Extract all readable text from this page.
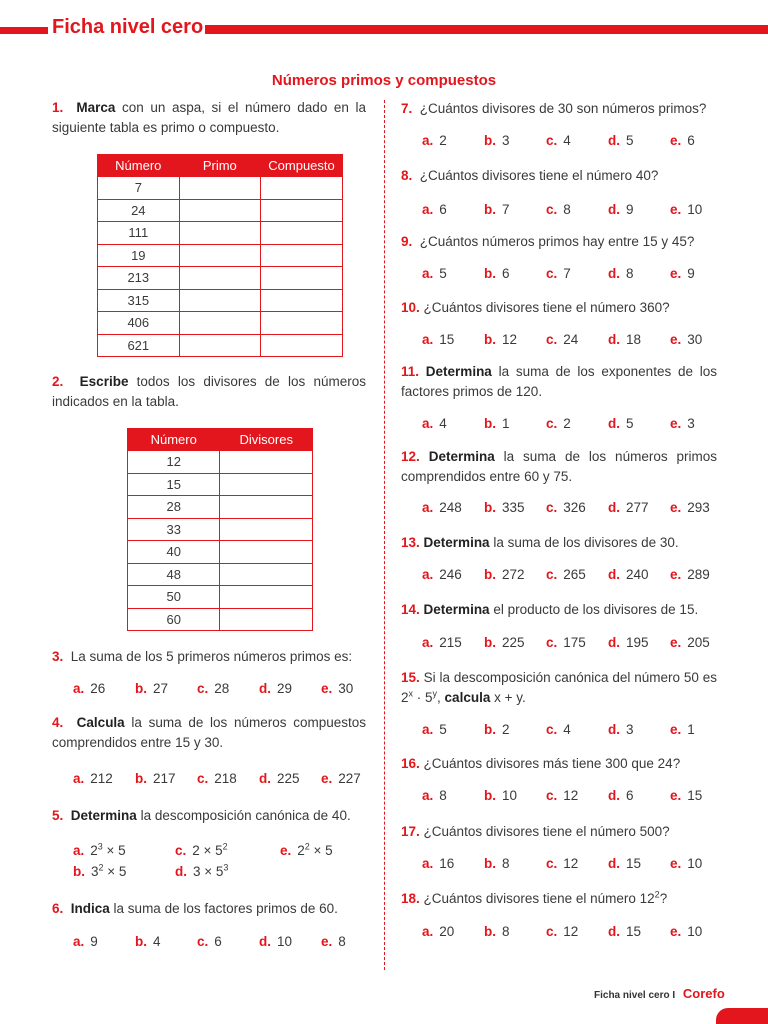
Ficha nivel cero
Números primos y compuestos
1. Marca con un aspa, si el número dado en la siguiente tabla es primo o compuesto.
Número	Primo	Compuesto
7		
24		
111		
19		
213		
315		
406		
621		
2. Escribe todos los divisores de los números indicados en la tabla.
Número	Divisores
12	
15	
28	
33	
40	
48	
50	
60	
3. La suma de los 5 primeros números primos es:
a. 26 b. 27 c. 28 d. 29 e. 30
4. Calcula la suma de los números compuestos comprendidos entre 15 y 30.
a. 212 b. 217 c. 218 d. 225 e. 227
5. Determina la descomposición canónica de 40.
a. $2^3 \times 5$	c. $2 \times 5^2$	e. $2^2 \times 5$
b. $3^2 \times 5$	d. $3 \times 5^3$
6. Indica la suma de los factores primos de 60.
a. 9	b. 4	c. 6	d. 10 e. 8
7. ¿Cuántos divisores de 30 son números primos?
a. 2	b. 3	c. 4	d. 5	e. 6
8. ¿Cuántos divisores tiene el número 40?
a. 6	b. 7	c. 8	d. 9	e. 10
9. ¿Cuántos números primos hay entre 15 y 45?
a. 5	b. 6	c. 7	d. 8	e. 9
10. ¿Cuántos divisores tiene el número 360?
a. 15 b. 12 c. 24 d. 18 e. 30
11. Determina la suma de los exponentes de los factores primos de 120.
a. 4	b. 1	c. 2	d. 5	e. 3
12. Determina la suma de los números primos comprendidos entre 60 y 75.
a. 248 b. 335 c. 326 d. 277 e. 293
13. Determina la suma de los divisores de 30.
a. 246 b. 272 c. 265 d. 240 e. 289
14. Determina el producto de los divisores de 15.
a. 215 b. 225 c. 175 d. 195 e. 205
15. Si la descomposición canónica del número 50 es $2^x \cdot 5^y$, calcula x + y.
a. 5	b. 2	c. 4	d. 3	e. 1
16. ¿Cuántos divisores más tiene 300 que 24?
a. 8	b. 10 c. 12 d. 6	e. 15
17. ¿Cuántos divisores tiene el número 500?
a. 16 b. 8	c. 12 d. 15 e. 10
18. ¿Cuántos divisores tiene el número $12^2$?
a. 20 b. 8	c. 12 d. 15 e. 10
Ficha nivel cero I Corefo
